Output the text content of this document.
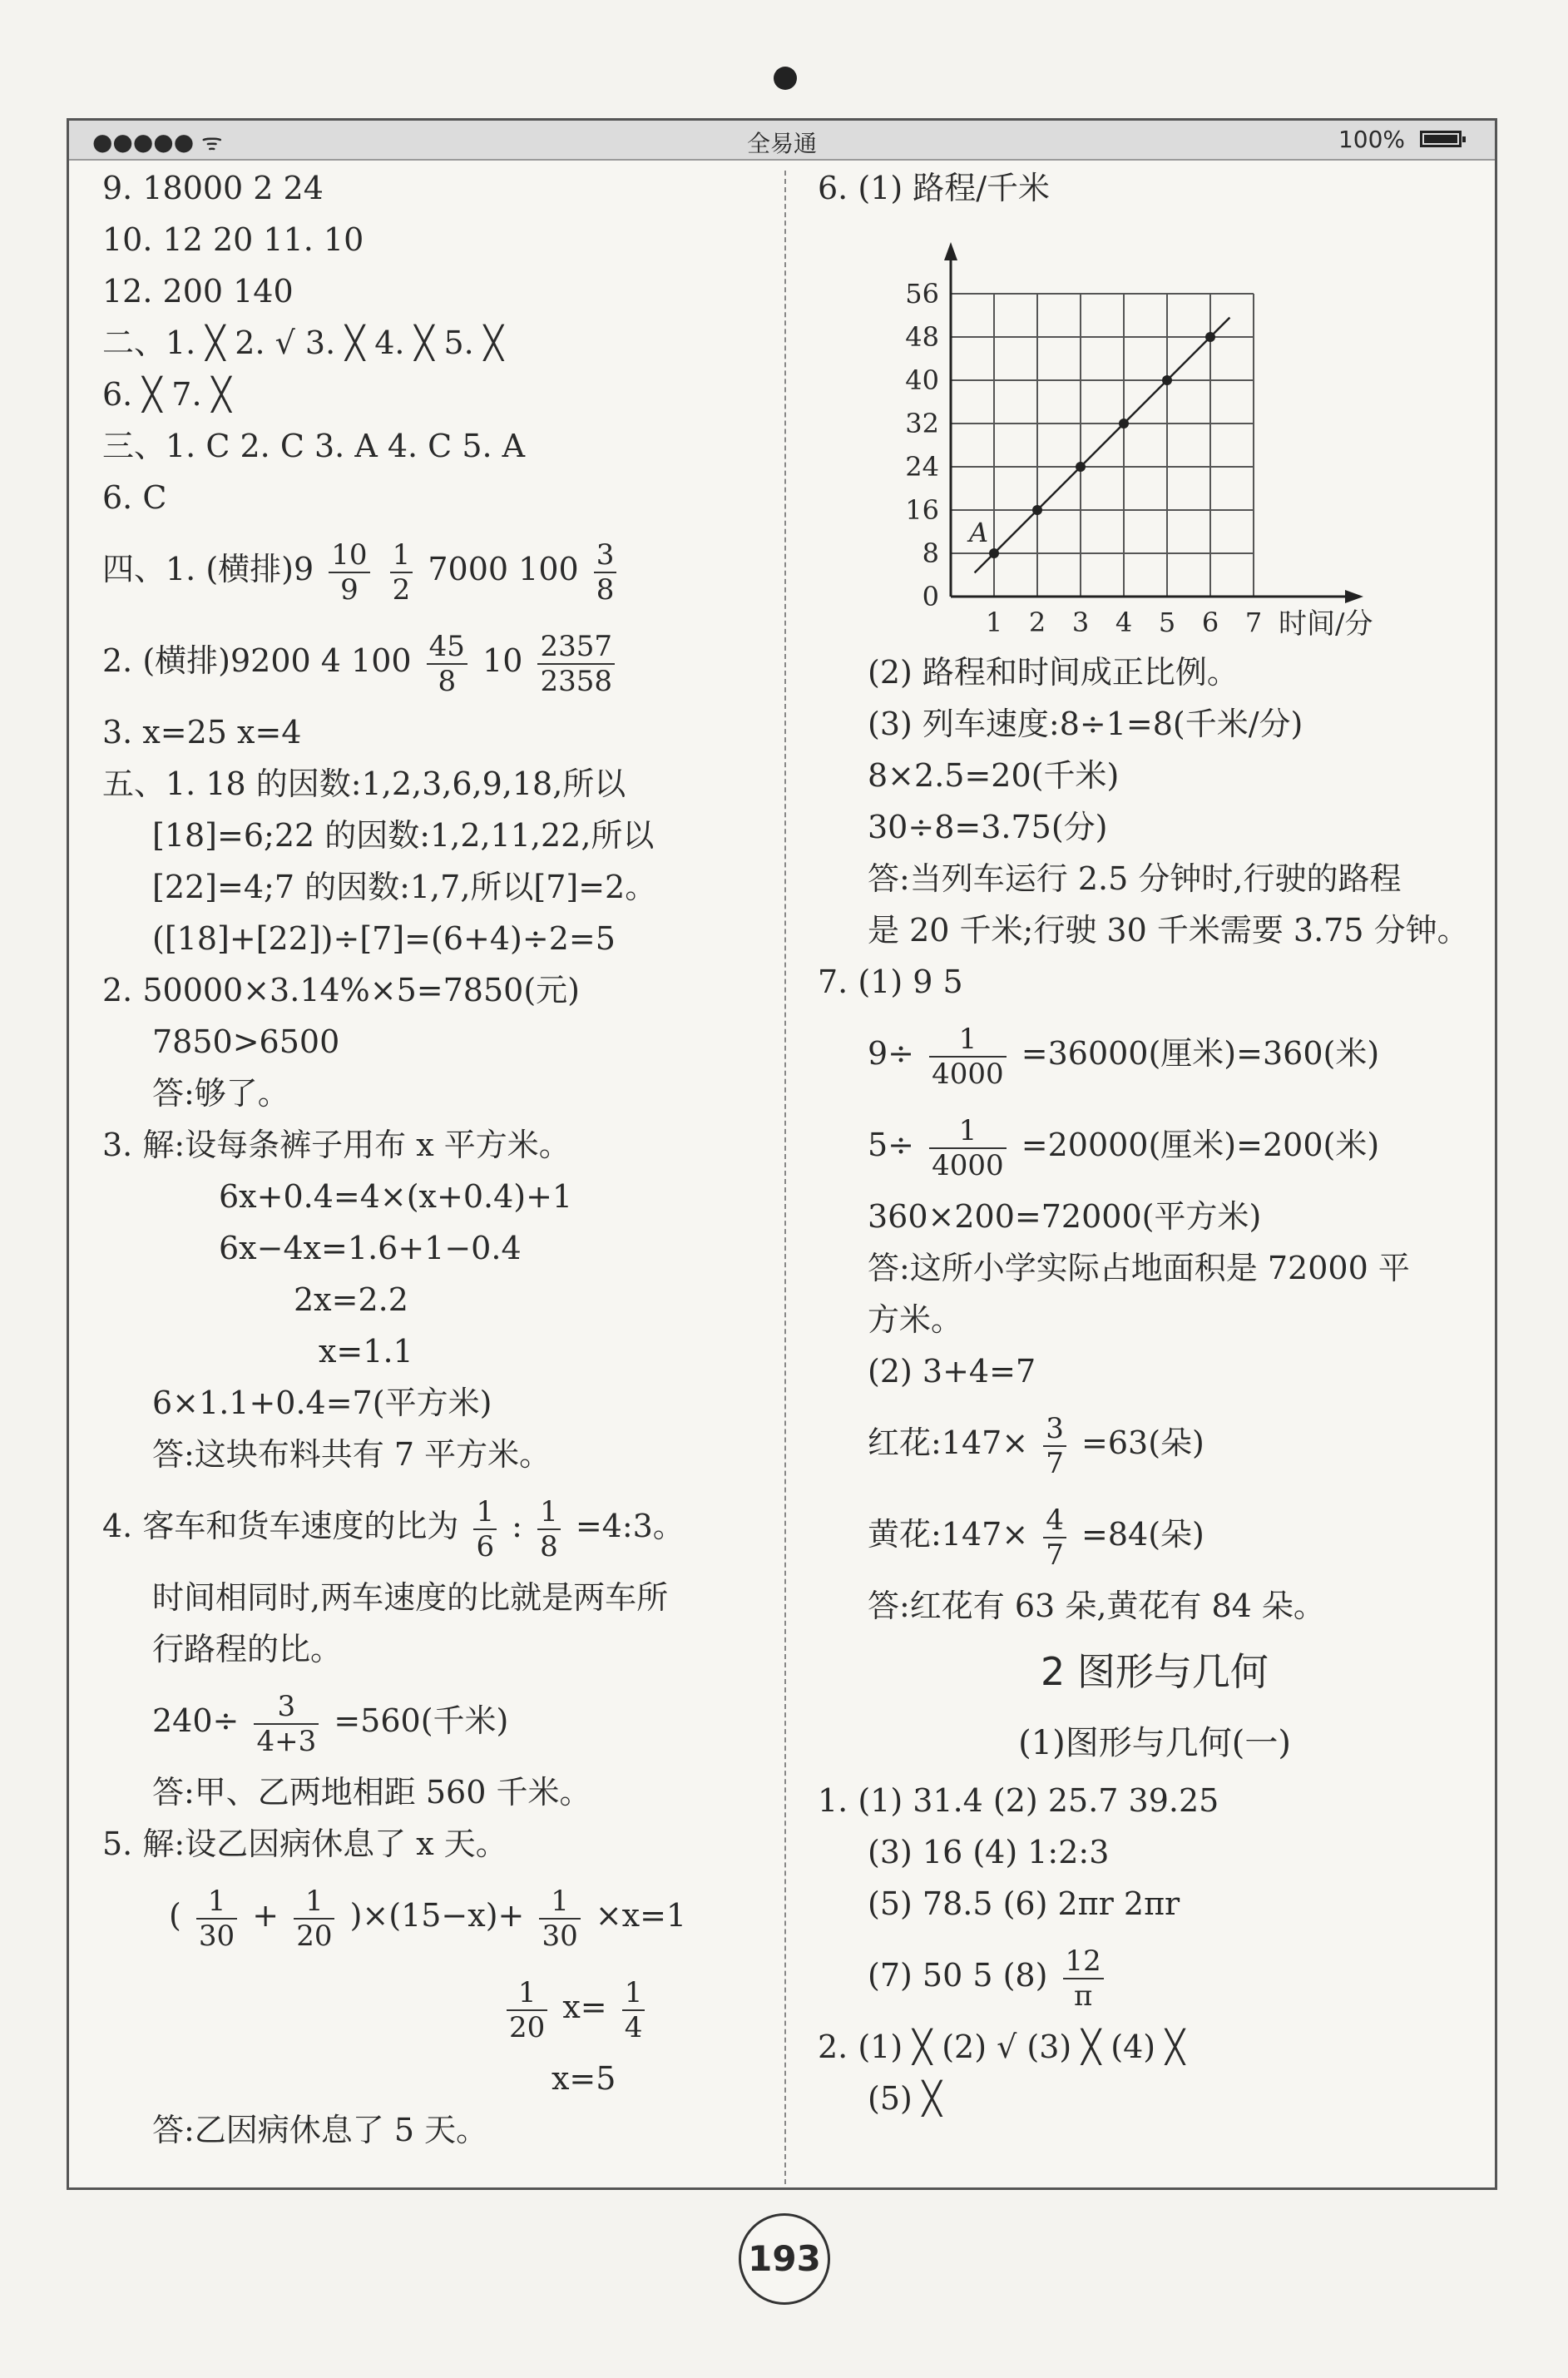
●●●●● ᯤ	全易通	100%
9. 18000 2 24
10. 12 20 11. 10
12. 200 140
二、1. ╳ 2. √ 3. ╳ 4. ╳ 5. ╳
6. ╳ 7. ╳
三、1. C 2. C 3. A 4. C 5. A
6. C
四、1. (横排)$9 \frac{10}{9}$
$\frac{1}{2} 7000$ $100 \frac{3}{8}$
2. (横排)9200 4 $100 \frac{45}{8} 10 \frac{2357}{2358}$
3. x=25 x=4
五、1. 18 的因数:1,2,3,6,9,18,所以
[18]=6;22 的因数:1,2,11,22,所以
[22]=4;7 的因数:1,7,所以[7]=2。
([18]+[22])÷[7]=(6+4)÷2=5
2. 50000×3.14%×5=7850(元)
7850>6500
答:够了。
3. 解:设每条裤子用布 x 平方米。
6x+0.4=4×(x+0.4)+1
6x−4x=1.6+1−0.4
2x=2.2
x=1.1
6×1.1+0.4=7(平方米)
答:这块布料共有 7 平方米。
4. 客车和货车速度的比为 $\frac{1}{6}$ : $\frac{1}{8}$ =4:3。
时间相同时,两车速度的比就是两车所
行路程的比。
$240\div \frac{3}{4+3} =560$(千米)
答:甲、乙两地相距 560 千米。
5. 解:设乙因病休息了 x 天。
( $\frac{1}{30} + \frac{1}{20} )\times(15-x)+ \frac{1}{30} \times x=1$
$\frac{1}{20} x= \frac{1}{4}$
x=5
答:乙因病休息了 5 天。
6. (1) 路程/千米
1 2 3 4 5 6 7
8
16
24
32
40
48
56
0
时间/分
A
(2) 路程和时间成正比例。
(3) 列车速度:8÷1=8(千米/分)
8×2.5=20(千米)
30÷8=3.75(分)
答:当列车运行 2.5 分钟时,行驶的路程
是 20 千米;行驶 30 千米需要 3.75 分钟。
7. (1) 9 5
$9\div \frac{1}{4000} =36000$(厘米)=360(米)
$5\div \frac{1}{4000} =20000$(厘米)=200(米)
360×200=72000(平方米)
答:这所小学实际占地面积是 72000 平
方米。
(2) 3+4=7
红花:147× $\frac{3}{7} =63$(朵)
黄花:147× $\frac{4}{7} =84$(朵)
答:红花有 63 朵,黄花有 84 朵。
2 图形与几何
(1)图形与几何(一)
1. (1) 31.4 (2) 25.7 39.25
(3) 16 (4) 1:2:3
(5) 78.5 (6) 2πr 2πr
(7) 50 5 $(8) \frac{12}{\pi}$
2. (1) ╳ (2) √ (3) ╳ (4) ╳
(5) ╳
193
